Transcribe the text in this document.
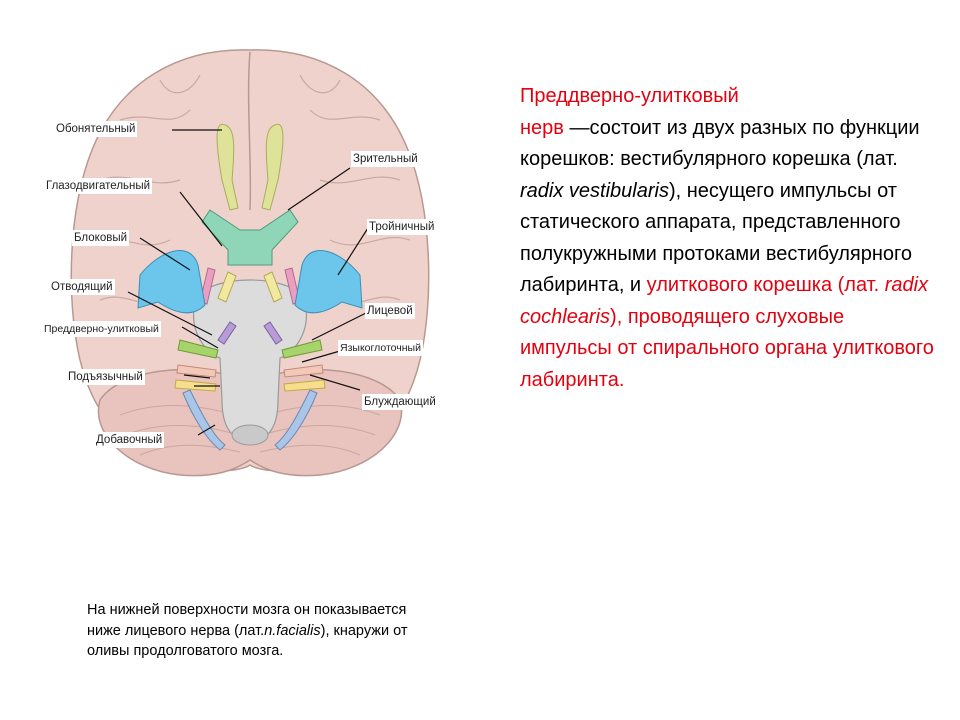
Обонятельный
Зрительный
Глазодвигательный
Блоковый
Тройничный
Отводящий
Лицевой
Преддверно-улитковый
Языкоглоточный
Подъязычный
Блуждающий
Добавочный
Преддверно-улитковый
нерв —состоит из двух разных по функции корешков: вестибулярного корешка (лат. radix vestibularis), несущего импульсы от статического аппарата, представленного полукружными протоками вестибулярного лабиринта, и улиткового корешка (лат. radix cochlearis), проводящего слуховые импульсы от спирального органа улиткового лабиринта.
На нижней поверхности мозга он показывается ниже лицевого нерва (лат.n.facialis), кнаружи от оливы продолговатого мозга.
